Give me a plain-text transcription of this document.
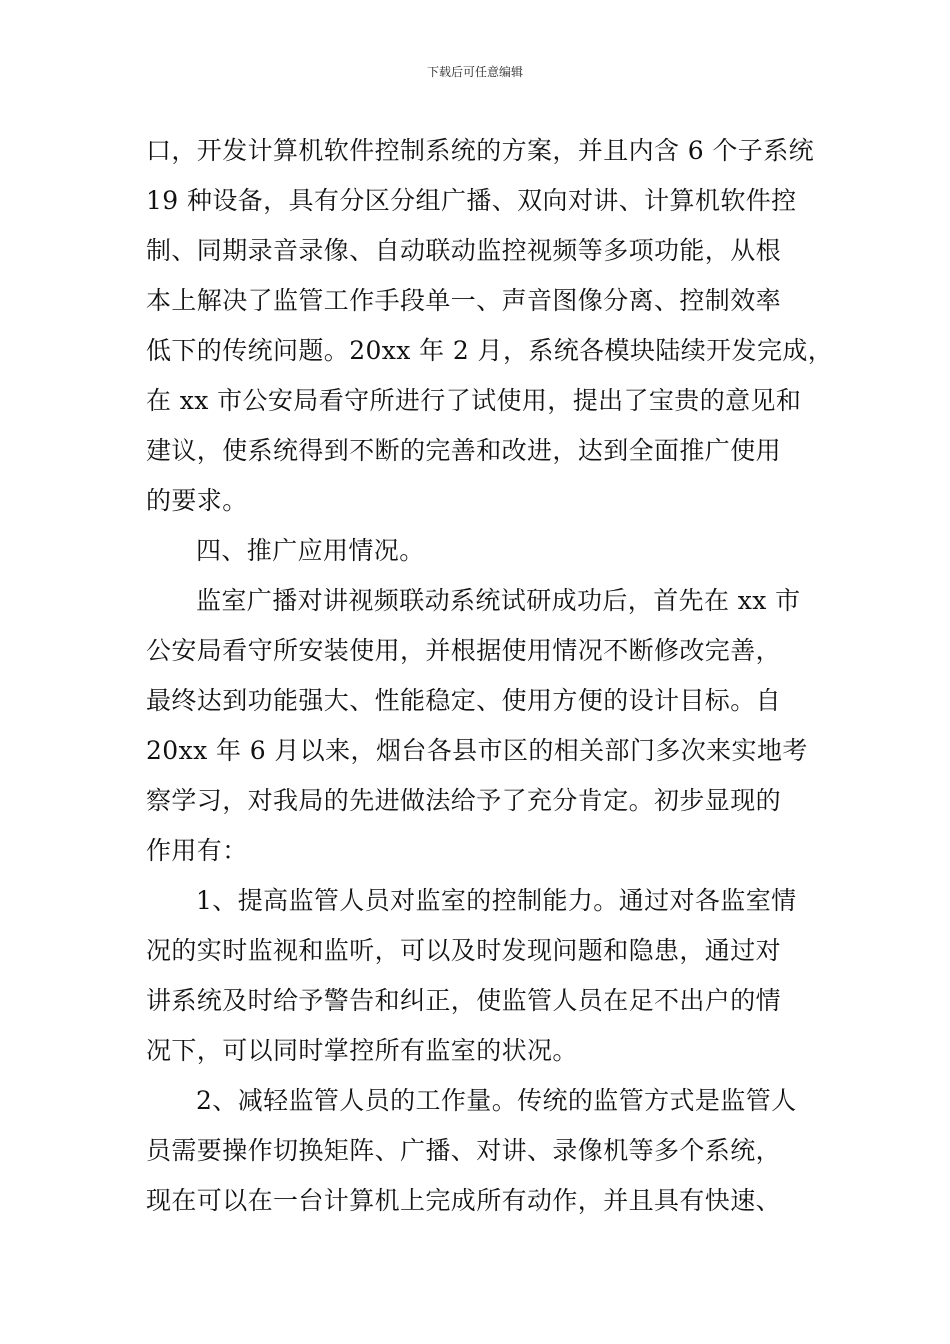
下载后可任意编辑
口，开发计算机软件控制系统的方案，并且内含 6 个子系统
19 种设备，具有分区分组广播、双向对讲、计算机软件控
制、同期录音录像、自动联动监控视频等多项功能，从根
本上解决了监管工作手段单一、声音图像分离、控制效率
低下的传统问题。20xx 年 2 月，系统各模块陆续开发完成，
在 xx 市公安局看守所进行了试使用，提出了宝贵的意见和
建议，使系统得到不断的完善和改进，达到全面推广使用
的要求。
四、推广应用情况。
监室广播对讲视频联动系统试研成功后，首先在 xx 市
公安局看守所安装使用，并根据使用情况不断修改完善，
最终达到功能强大、性能稳定、使用方便的设计目标。自
20xx 年 6 月以来，烟台各县市区的相关部门多次来实地考
察学习，对我局的先进做法给予了充分肯定。初步显现的
作用有：
1、提高监管人员对监室的控制能力。通过对各监室情
况的实时监视和监听，可以及时发现问题和隐患，通过对
讲系统及时给予警告和纠正，使监管人员在足不出户的情
况下，可以同时掌控所有监室的状况。
2、减轻监管人员的工作量。传统的监管方式是监管人
员需要操作切换矩阵、广播、对讲、录像机等多个系统，
现在可以在一台计算机上完成所有动作，并且具有快速、
